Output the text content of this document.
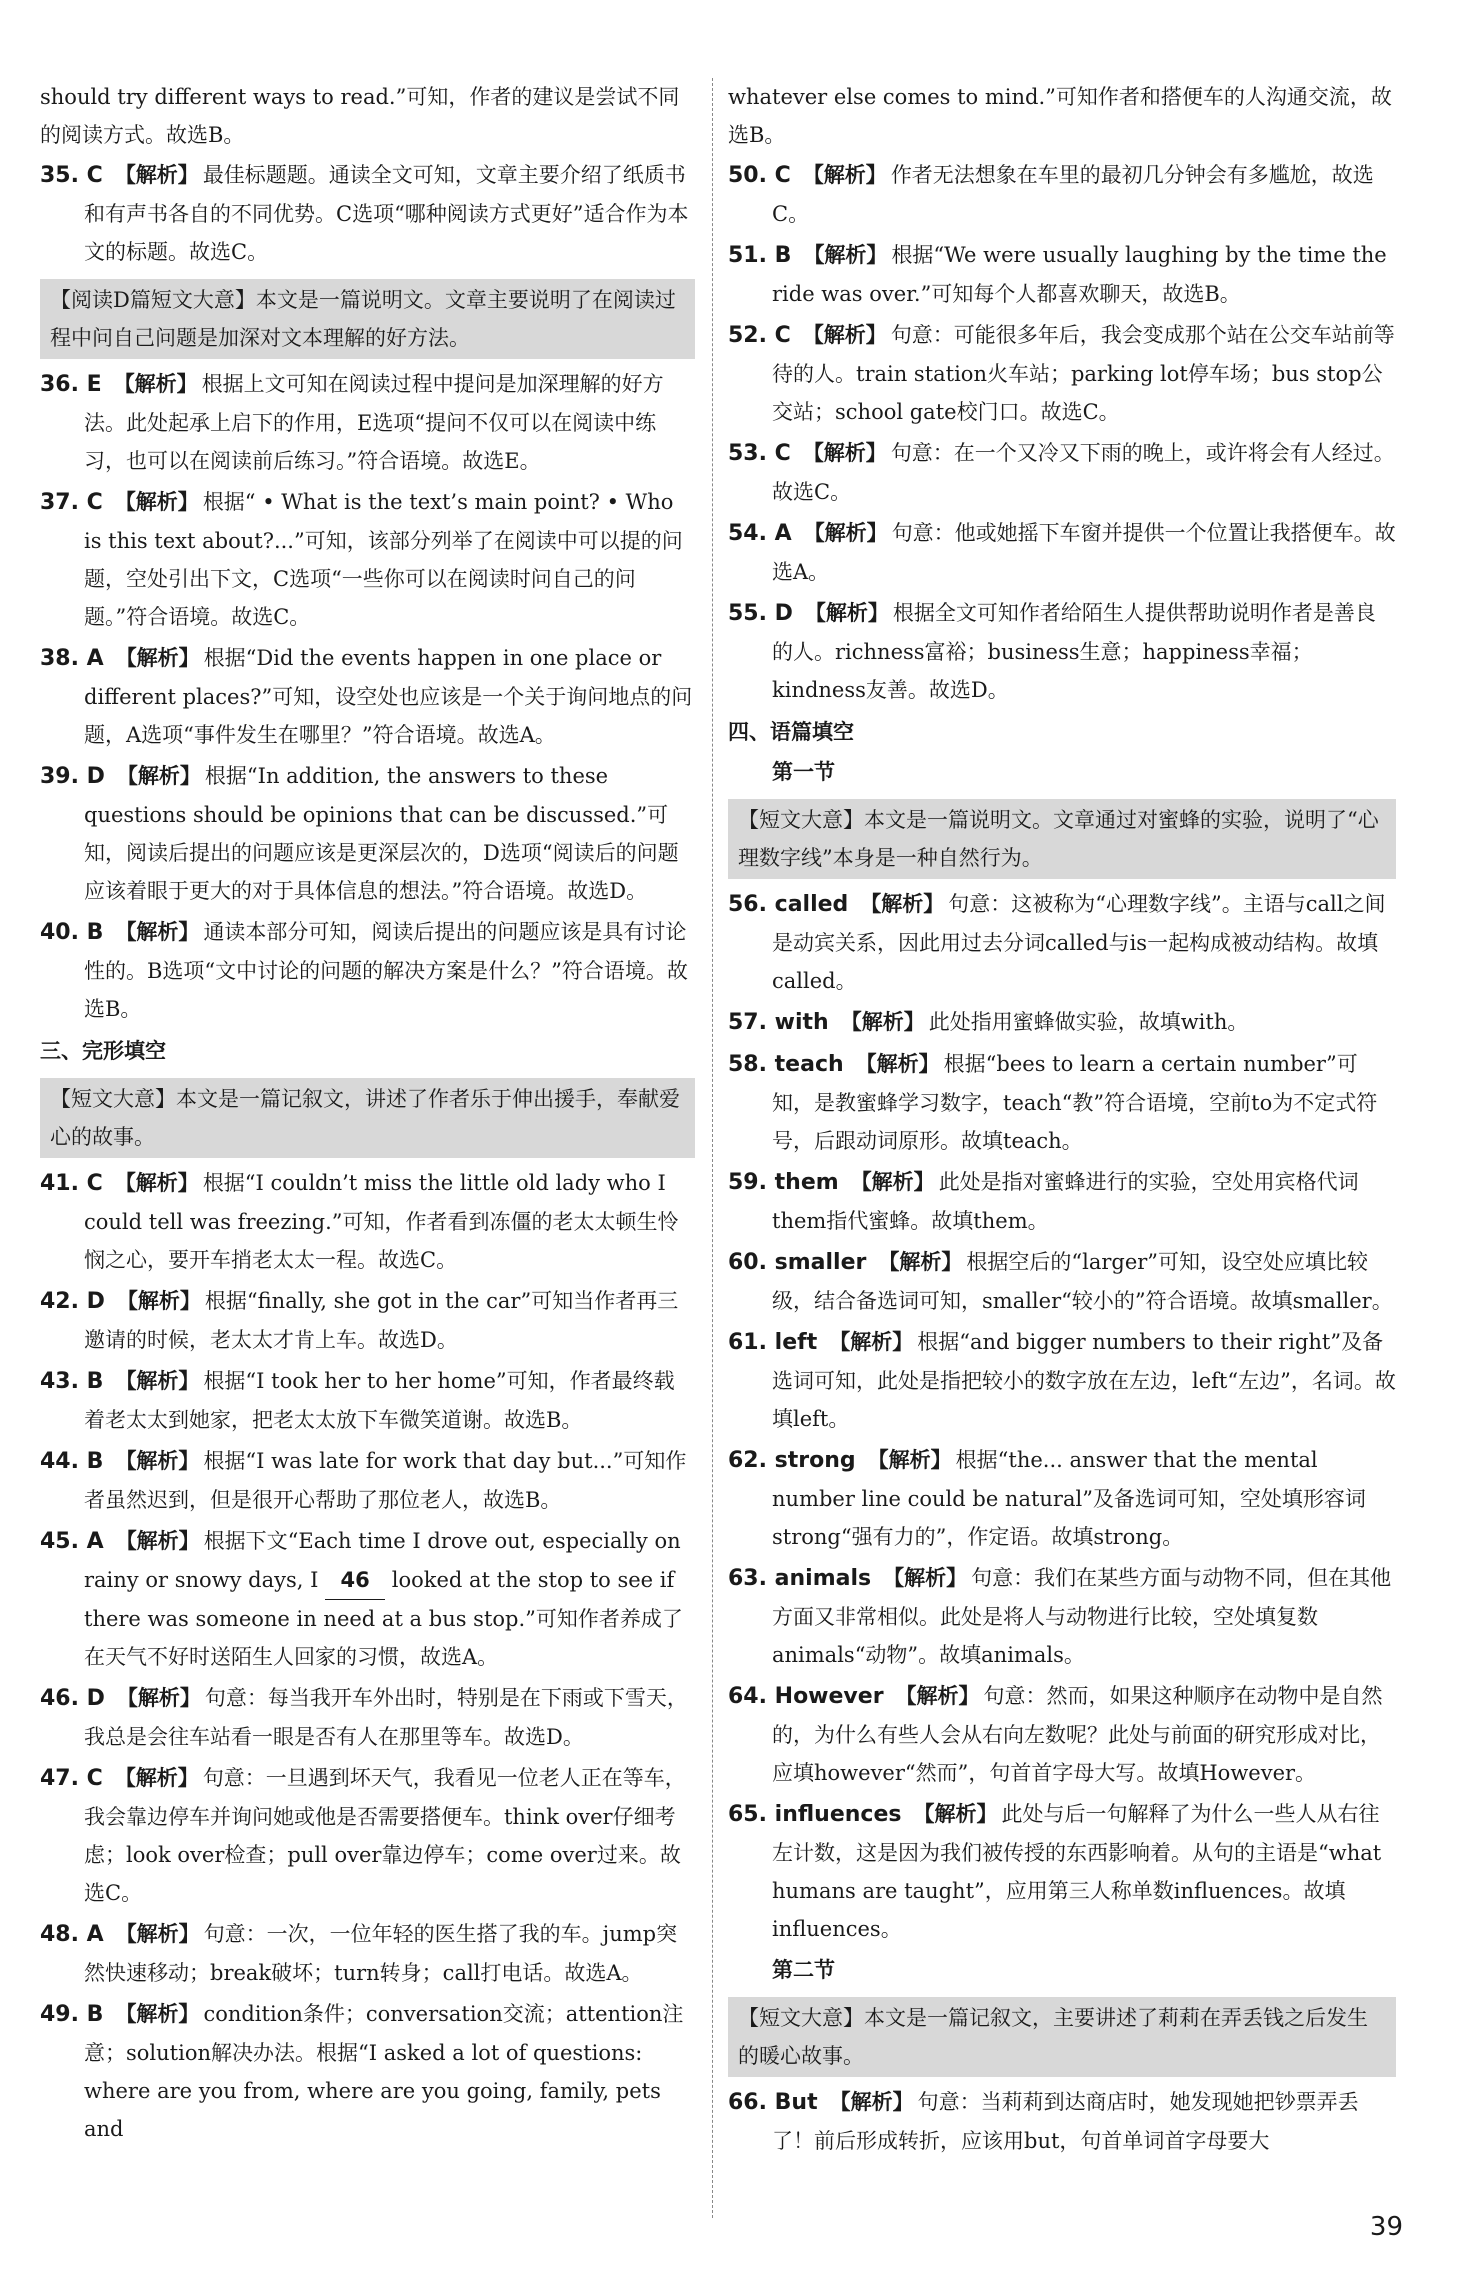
should try different ways to read.”可知，作者的建议是尝试不同的阅读方式。故选B。

35. C 【解析】 最佳标题题。通读全文可知，文章主要介绍了纸质书和有声书各自的不同优势。C选项“哪种阅读方式更好”适合作为本文的标题。故选C。

【阅读D篇短文大意】本文是一篇说明文。文章主要说明了在阅读过程中问自己问题是加深对文本理解的好方法。

36. E 【解析】 根据上文可知在阅读过程中提问是加深理解的好方法。此处起承上启下的作用，E选项“提问不仅可以在阅读中练习，也可以在阅读前后练习。”符合语境。故选E。

37. C 【解析】 根据“ • What is the text’s main point? • Who is this text about?...”可知，该部分列举了在阅读中可以提的问题，空处引出下文，C选项“一些你可以在阅读时问自己的问题。”符合语境。故选C。

38. A 【解析】 根据“Did the events happen in one place or different places?”可知，设空处也应该是一个关于询问地点的问题，A选项“事件发生在哪里？”符合语境。故选A。

39. D 【解析】 根据“In addition, the answers to these questions should be opinions that can be discussed.”可知，阅读后提出的问题应该是更深层次的，D选项“阅读后的问题应该着眼于更大的对于具体信息的想法。”符合语境。故选D。

40. B 【解析】 通读本部分可知，阅读后提出的问题应该是具有讨论性的。B选项“文中讨论的问题的解决方案是什么？”符合语境。故选B。

三、完形填空
【短文大意】本文是一篇记叙文，讲述了作者乐于伸出援手，奉献爱心的故事。

41. C 【解析】 根据“I couldn’t miss the little old lady who I could tell was freezing.”可知，作者看到冻僵的老太太顿生怜悯之心，要开车捎老太太一程。故选C。

42. D 【解析】 根据“finally, she got in the car”可知当作者再三邀请的时候，老太太才肯上车。故选D。

43. B 【解析】 根据“I took her to her home”可知，作者最终载着老太太到她家，把老太太放下车微笑道谢。故选B。

44. B 【解析】 根据“I was late for work that day but...”可知作者虽然迟到，但是很开心帮助了那位老人，故选B。

45. A 【解析】 根据下文“Each time I drove out, especially on rainy or snowy days, I 46 looked at the stop to see if there was someone in need at a bus stop.”可知作者养成了在天气不好时送陌生人回家的习惯，故选A。

46. D 【解析】 句意：每当我开车外出时，特别是在下雨或下雪天，我总是会往车站看一眼是否有人在那里等车。故选D。

47. C 【解析】 句意：一旦遇到坏天气，我看见一位老人正在等车，我会靠边停车并询问她或他是否需要搭便车。think over仔细考虑；look over检查；pull over靠边停车；come over过来。故选C。

48. A 【解析】 句意：一次，一位年轻的医生搭了我的车。jump突然快速移动；break破坏；turn转身；call打电话。故选A。

49. B 【解析】 condition条件；conversation交流；attention注意；solution解决办法。根据“I asked a lot of questions: where are you from, where are you going, family, pets and

whatever else comes to mind.”可知作者和搭便车的人沟通交流，故选B。

50. C 【解析】 作者无法想象在车里的最初几分钟会有多尴尬，故选C。

51. B 【解析】 根据“We were usually laughing by the time the ride was over.”可知每个人都喜欢聊天，故选B。

52. C 【解析】 句意：可能很多年后，我会变成那个站在公交车站前等待的人。train station火车站；parking lot停车场；bus stop公交站；school gate校门口。故选C。

53. C 【解析】 句意：在一个又冷又下雨的晚上，或许将会有人经过。故选C。

54. A 【解析】 句意：他或她摇下车窗并提供一个位置让我搭便车。故选A。

55. D 【解析】 根据全文可知作者给陌生人提供帮助说明作者是善良的人。richness富裕；business生意；happiness幸福；kindness友善。故选D。

四、语篇填空
第一节
【短文大意】本文是一篇说明文。文章通过对蜜蜂的实验，说明了“心理数字线”本身是一种自然行为。

56. called 【解析】 句意：这被称为“心理数字线”。主语与call之间是动宾关系，因此用过去分词called与is一起构成被动结构。故填called。

57. with 【解析】 此处指用蜜蜂做实验，故填with。

58. teach 【解析】 根据“bees to learn a certain number”可知，是教蜜蜂学习数字，teach“教”符合语境，空前to为不定式符号，后跟动词原形。故填teach。

59. them 【解析】 此处是指对蜜蜂进行的实验，空处用宾格代词them指代蜜蜂。故填them。

60. smaller 【解析】 根据空后的“larger”可知，设空处应填比较级，结合备选词可知，smaller“较小的”符合语境。故填smaller。

61. left 【解析】 根据“and bigger numbers to their right”及备选词可知，此处是指把较小的数字放在左边，left“左边”，名词。故填left。

62. strong 【解析】 根据“the... answer that the mental number line could be natural”及备选词可知，空处填形容词strong“强有力的”，作定语。故填strong。

63. animals 【解析】 句意：我们在某些方面与动物不同，但在其他方面又非常相似。此处是将人与动物进行比较，空处填复数animals“动物”。故填animals。

64. However 【解析】 句意：然而，如果这种顺序在动物中是自然的，为什么有些人会从右向左数呢？此处与前面的研究形成对比，应填however“然而”，句首首字母大写。故填However。

65. influences 【解析】 此处与后一句解释了为什么一些人从右往左计数，这是因为我们被传授的东西影响着。从句的主语是“what humans are taught”，应用第三人称单数influences。故填influences。

第二节
【短文大意】本文是一篇记叙文，主要讲述了莉莉在弄丢钱之后发生的暖心故事。

66. But 【解析】 句意：当莉莉到达商店时，她发现她把钞票弄丢了！前后形成转折，应该用but，句首单词首字母要大

39
